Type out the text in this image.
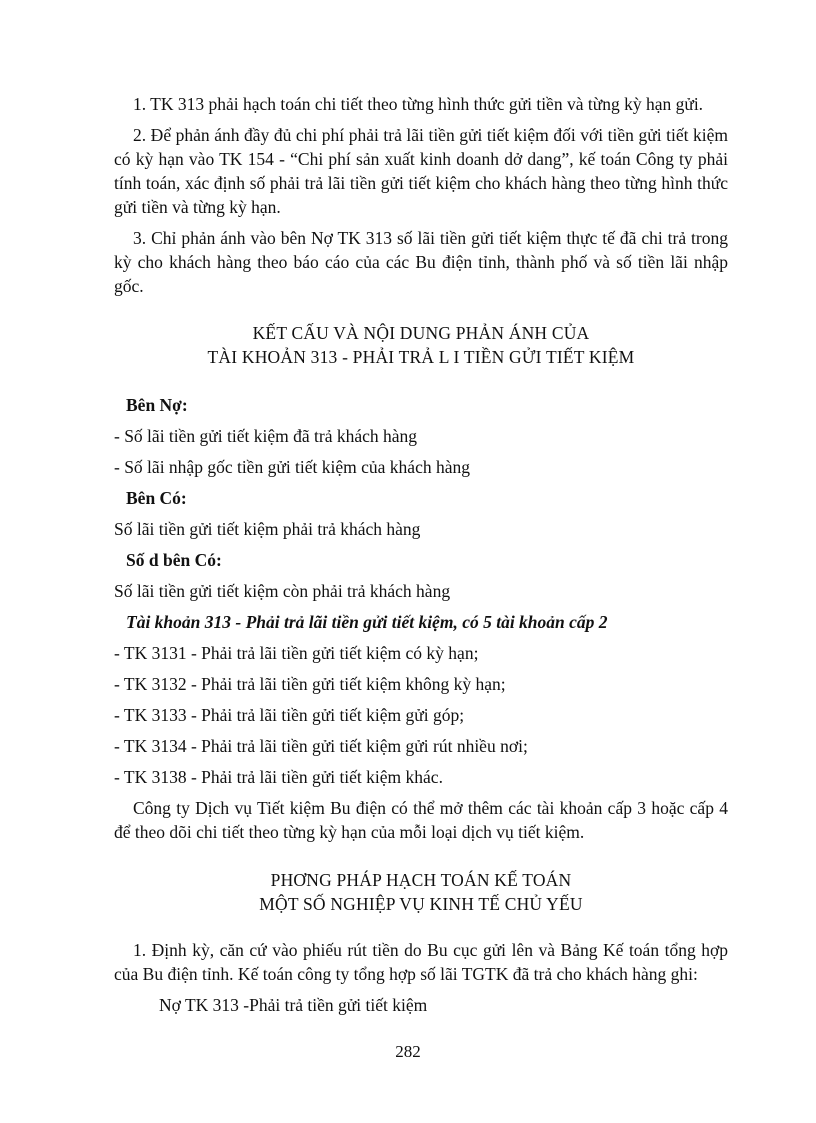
1. TK 313 phải hạch toán chi tiết theo từng hình thức gửi tiền và từng kỳ hạn gửi.

2. Để phản ánh đầy đủ chi phí phải trả lãi tiền gửi tiết kiệm đối với tiền gửi tiết kiệm có kỳ hạn vào TK 154 - “Chi phí sản xuất kinh doanh dở dang”, kế toán Công ty phải tính toán, xác định số phải trả lãi tiền gửi tiết kiệm cho khách hàng theo từng hình thức gửi tiền và từng kỳ hạn.

3. Chỉ phản ánh vào bên Nợ TK 313 số lãi tiền gửi tiết kiệm thực tế đã chi trả trong kỳ cho khách hàng theo báo cáo của các Bu điện tỉnh, thành phố và số tiền lãi nhập gốc.

KẾT CẤU VÀ NỘI DUNG PHẢN ÁNH CỦA

TÀI KHOẢN 313 - PHẢI TRẢ L I TIỀN GỬI TIẾT KIỆM

Bên Nợ:

- Số lãi tiền gửi tiết kiệm đã trả khách hàng

- Số lãi nhập gốc tiền gửi tiết kiệm của khách hàng

Bên Có:

Số lãi tiền gửi tiết kiệm phải trả khách hàng

Số d bên Có:

Số lãi tiền gửi tiết kiệm còn phải trả khách hàng

Tài khoản 313 - Phải trả lãi tiền gửi tiết kiệm, có 5 tài khoản cấp 2

- TK 3131 - Phải trả lãi tiền gửi tiết kiệm có kỳ hạn;

- TK 3132 - Phải trả lãi tiền gửi tiết kiệm không kỳ hạn;

- TK 3133 - Phải trả lãi tiền gửi tiết kiệm gửi góp;

- TK 3134 - Phải trả lãi tiền gửi tiết kiệm gửi rút nhiều nơi;

- TK 3138 - Phải trả lãi tiền gửi tiết kiệm khác.

Công ty Dịch vụ Tiết kiệm Bu điện có thể mở thêm các tài khoản cấp 3 hoặc cấp 4 để theo dõi chi tiết theo từng kỳ hạn của mỗi loại dịch vụ tiết kiệm.

PHƠNG PHÁP HẠCH TOÁN KẾ TOÁN

MỘT SỐ NGHIỆP VỤ KINH TẾ CHỦ YẾU

1. Định kỳ, căn cứ vào phiếu rút tiền do Bu cục gửi lên và Bảng Kế toán tổng hợp của Bu điện tỉnh. Kế toán công ty tổng hợp số lãi TGTK đã trả cho khách hàng ghi:

Nợ TK 313 -Phải trả tiền gửi tiết kiệm

282
